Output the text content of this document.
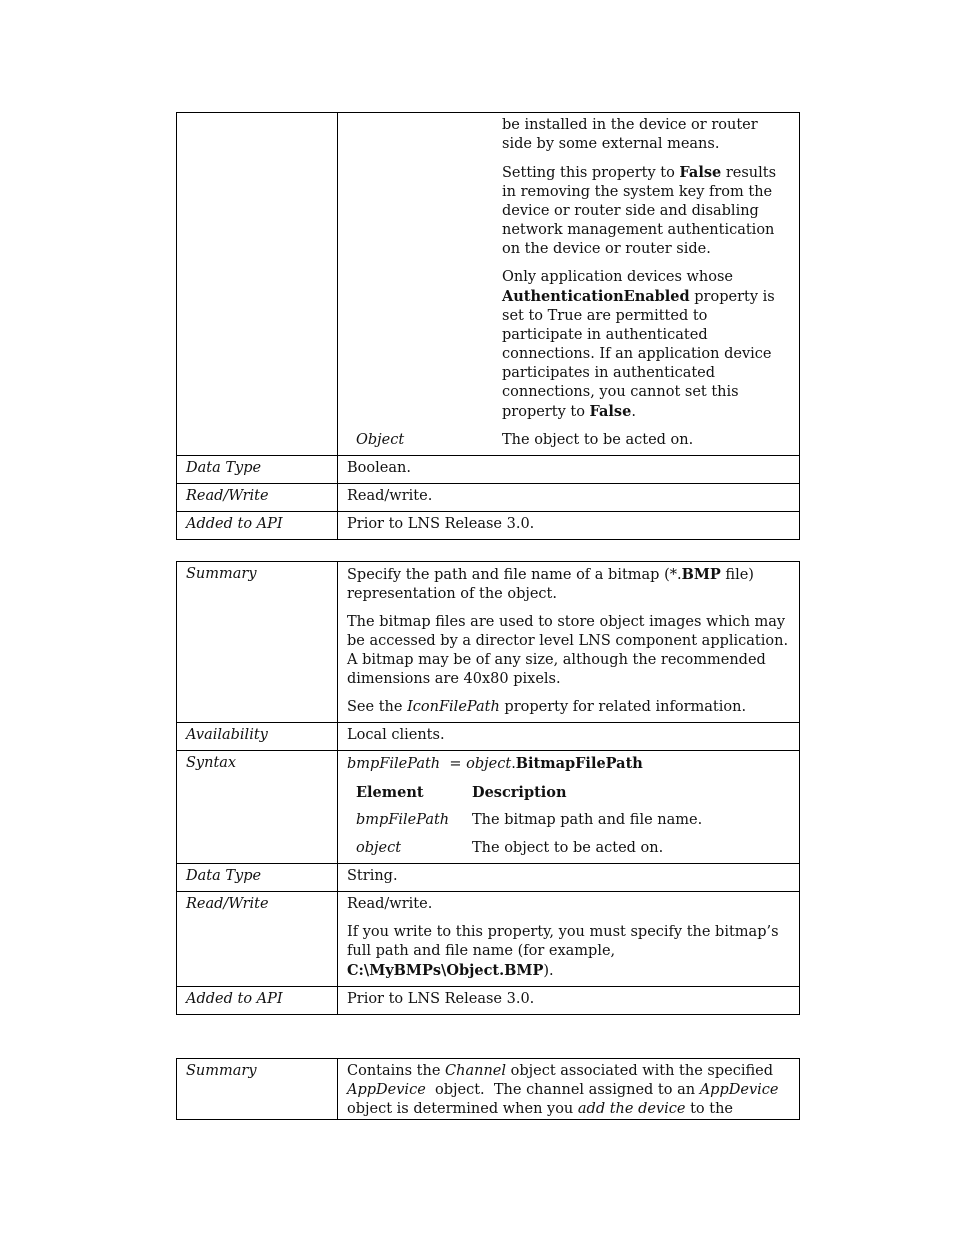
be installed in the device or router side by some external means.

Setting this property to False results in removing the system key from the device or router side and disabling network management authentication on the device or router side.

Only application devices whose AuthenticationEnabled property is set to True are permitted to participate in authenticated connections. If an application device participates in authenticated connections, you cannot set this property to False.

Object	The object to be acted on.

Data Type	Boolean.
Read/Write	Read/write.
Added to API	Prior to LNS Release 3.0.
Summary	Specify the path and file name of a bitmap (*.BMP file) representation of the object.

The bitmap files are used to store object images which may be accessed by a director level LNS component application. A bitmap may be of any size, although the recommended dimensions are 40x80 pixels.

See the IconFilePath property for related information.

Availability	Local clients.
Syntax	bmpFilePath  = object.BitmapFilePath

Element	Description
bmpFilePath	The bitmap path and file name.
object	The object to be acted on.

Data Type	String.
Read/Write	Read/write.

If you write to this property, you must specify the bitmap’s full path and file name (for example, C:\MyBMPs\Object.BMP).

Added to API	Prior to LNS Release 3.0.
Summary	Contains the Channel object associated with the specified AppDevice  object.  The channel assigned to an AppDevice object is determined when you add the device to the
